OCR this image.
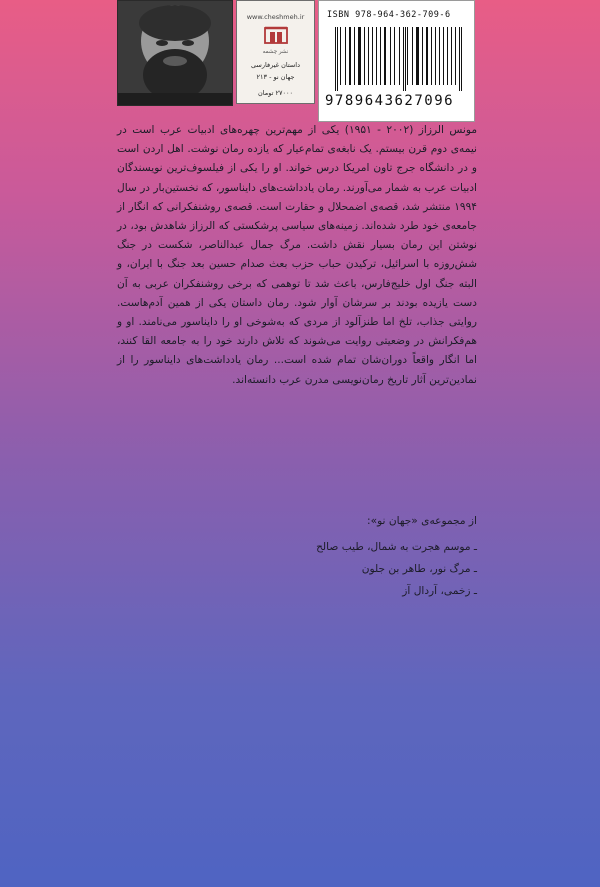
www.cheshmeh.ir
نشر چشمه
داستان غیرفارسی
جهان نو - ۲۱۳
۲۷۰۰۰ تومان
ISBN 978-964-362-709-6
9789643627096

مونس الرزاز (۲۰۰۲ - ۱۹۵۱) یکی از مهم‌ترین چهره‌های ادبیات عرب است در نیمه‌ی دوم قرن بیستم. یک نابغه‌ی تمام‌عیار که یازده رمان نوشت. اهل اردن است و در دانشگاه جرج تاون امریکا درس خواند. او را یکی از فیلسوف‌ترین نویسندگان ادبیات عرب به شمار می‌آورند. رمان یادداشت‌های دایناسور، که نخستین‌بار در سال ۱۹۹۴ منتشر شد، قصه‌ی اضمحلال و حقارت است. قصه‌ی روشنفکرانی که انگار از جامعه‌ی خود طرد شده‌اند. زمینه‌های سیاسی پرشکستی که الرزاز شاهدش بود، در نوشتن این رمان بسیار نقش داشت. مرگ جمال عبدالناصر، شکست در جنگ شش‌روزه با اسرائیل، ترکیدن حباب حزب بعث صدام حسین بعد جنگ با ایران، و البته جنگ اول خلیج‌فارس، باعث شد تا توهمی که برخی روشنفکران عربی به آن دست یازیده بودند بر سرشان آوار شود. رمان داستان یکی از همین آدم‌هاست. روایتی جذاب، تلخ اما طنزآلود از مردی که به‌شوخی او را دایناسور می‌نامند. او و هم‌فکرانش در وضعیتی روایت می‌شوند که تلاش دارند خود را به جامعه القا کنند، اما انگار واقعاً دوران‌شان تمام شده است... رمان یادداشت‌های دایناسور را از نمادین‌ترین آثار تاریخ رمان‌نویسی مدرن عرب دانسته‌اند.

از مجموعه‌ی «جهان نو»:
ـ موسم هجرت به شمال، طیب صالح
ـ مرگ نور، طاهر بن جلون
ـ زخمی، آردال آز
